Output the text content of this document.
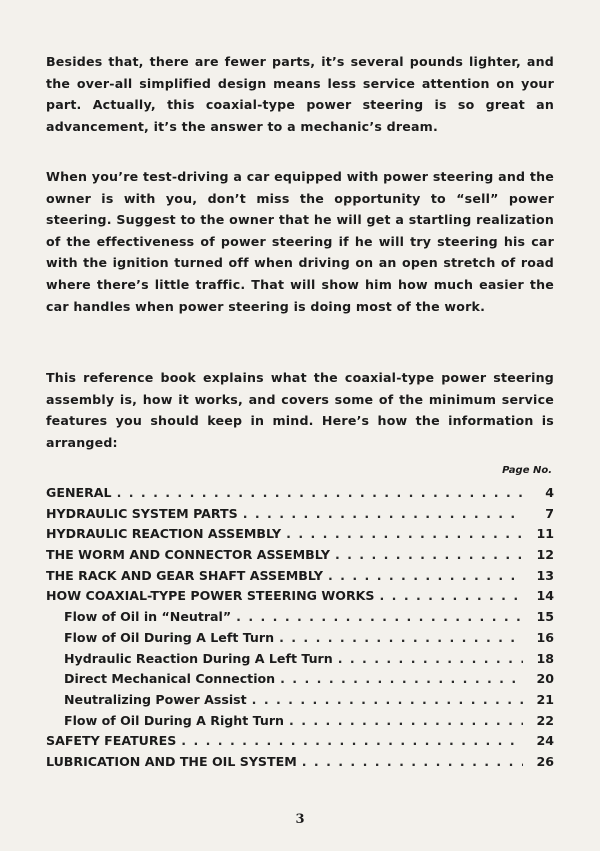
Besides that, there are fewer parts, it’s several pounds lighter, and the over-all simplified design means less service attention on your part. Actually, this coaxial-type power steering is so great an advancement, it’s the answer to a mechanic’s dream.

When you’re test-driving a car equipped with power steering and the owner is with you, don’t miss the opportunity to “sell” power steering. Suggest to the owner that he will get a startling realization of the effectiveness of power steering if he will try steering his car with the ignition turned off when driving on an open stretch of road where there’s little traffic. That will show him how much easier the car handles when power steering is doing most of the work.

This reference book explains what the coaxial-type power steering assembly is, how it works, and covers some of the minimum service features you should keep in mind. Here’s how the information is arranged:

Page No.
GENERAL . . .	4
HYDRAULIC SYSTEM PARTS . . .	7
HYDRAULIC REACTION ASSEMBLY . . .	11
THE WORM AND CONNECTOR ASSEMBLY . . .	12
THE RACK AND GEAR SHAFT ASSEMBLY . . .	13
HOW COAXIAL-TYPE POWER STEERING WORKS . . .	14
Flow of Oil in “Neutral” . . .	15
Flow of Oil During A Left Turn . . .	16
Hydraulic Reaction During A Left Turn . . .	18
Direct Mechanical Connection . . .	20
Neutralizing Power Assist . . .	21
Flow of Oil During A Right Turn . . .	22
SAFETY FEATURES . . .	24
LUBRICATION AND THE OIL SYSTEM . . .	26
3
